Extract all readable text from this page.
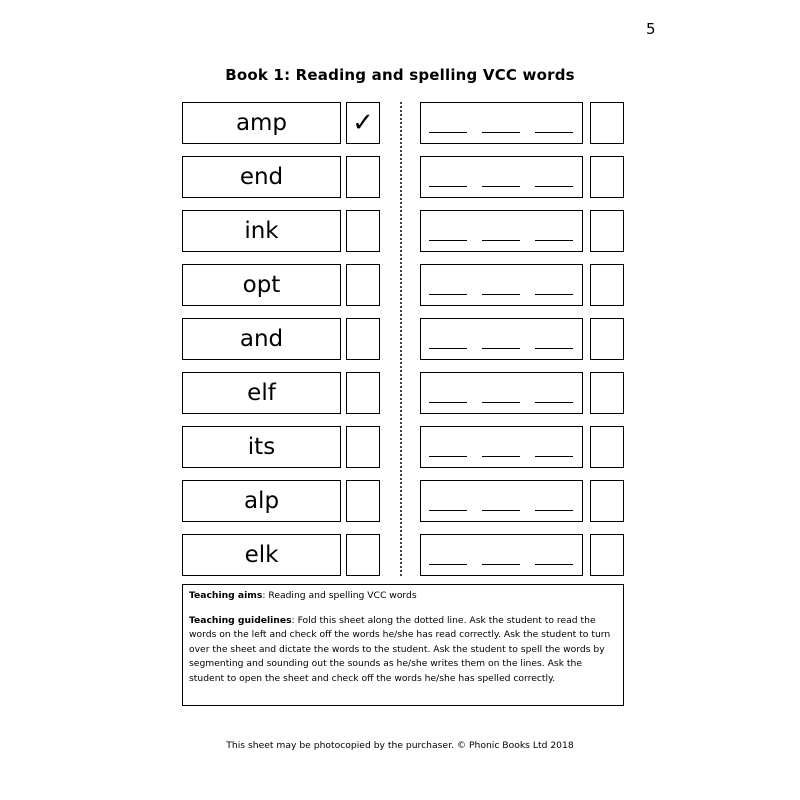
5
Book 1: Reading and spelling VCC words
amp	✓
end
ink
opt
and
elf
its
alp
elk

Teaching aims: Reading and spelling VCC words

Teaching guidelines: Fold this sheet along the dotted line. Ask the student to read the words on the left and check off the words he/she has read correctly. Ask the student to turn over the sheet and dictate the words to the student. Ask the student to spell the words by segmenting and sounding out the sounds as he/she writes them on the lines. Ask the student to open the sheet and check off the words he/she has spelled correctly.

This sheet may be photocopied by the purchaser. © Phonic Books Ltd 2018
